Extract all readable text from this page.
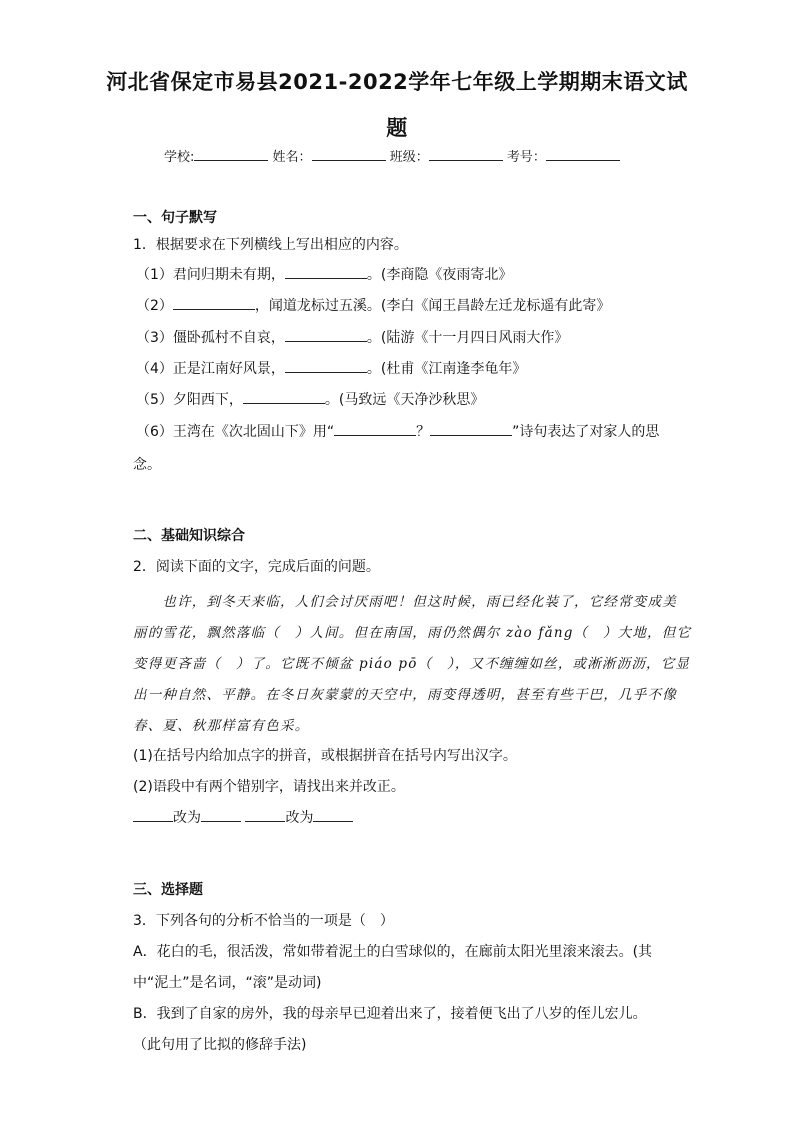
河北省保定市易县2021-2022学年七年级上学期期末语文试
题
学校:	姓名：	班级：	考号：
一、句子默写
1．根据要求在下列横线上写出相应的内容。
（1）君问归期未有期，	。(李商隐《夜雨寄北》
（2）	，闻道龙标过五溪。(李白《闻王昌龄左迁龙标遥有此寄》
（3）僵卧孤村不自哀，	。(陆游《十一月四日风雨大作》
（4）正是江南好风景，	。(杜甫《江南逢李龟年》
（5）夕阳西下，	。(马致远《天净沙秋思》
（6）王湾在《次北固山下》用“	？	”诗句表达了对家人的思
念。
二、基础知识综合
2．阅读下面的文字，完成后面的问题。
　　也许，到冬天来临，人们会讨厌雨吧！但这时候，雨已经化装了，它经常变成美
丽的雪花，飘然落临（　）人间。但在南国，雨仍然偶尔 zào fǎng（　）大地，但它
变得更吝啬（　）了。它既不倾盆 piáo pō（　），又不缠缠如丝，或淅淅沥沥，它显
出一种自然、平静。在冬日灰蒙蒙的天空中，雨变得透明，甚至有些干巴，几乎不像
春、夏、秋那样富有色采。
(1)在括号内给加点字的拼音，或根据拼音在括号内写出汉字。
(2)语段中有两个错别字，请找出来并改正。
改为	改为
三、选择题
3．下列各句的分析不恰当的一项是（　）
A．花白的毛，很活泼，常如带着泥土的白雪球似的，在廊前太阳光里滚来滚去。(其
中“泥土”是名词，“滚”是动词)
B．我到了自家的房外，我的母亲早已迎着出来了，接着便飞出了八岁的侄儿宏儿。
（此句用了比拟的修辞手法)
